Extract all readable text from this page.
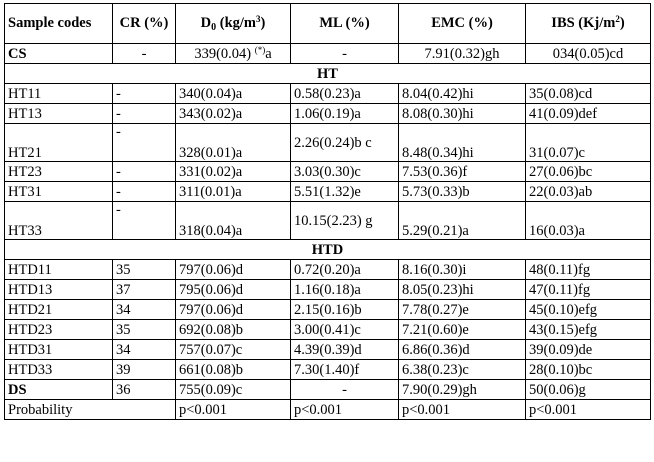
Sample codes	CR (%)	$D_0$ $(kg/m^3)$	ML (%)	EMC (%)	IBS $(Kj/m^2)$
CS	-	339(0.04) (*)a	-	7.91(0.32)gh	034(0.05)cd
HT					
HT11	-	340(0.04)a	0.58(0.23)a	8.04(0.42)hi	35(0.08)cd
HT13	-	343(0.02)a	1.06(0.19)a	8.08(0.30)hi	41(0.09)def
HT21	-	328(0.01)a	2.26(0.24)b c	8.48(0.34)hi	31(0.07)c
HT23	-	331(0.02)a	3.03(0.30)c	7.53(0.36)f	27(0.06)bc
HT31	-	311(0.01)a	5.51(1.32)e	5.73(0.33)b	22(0.03)ab
HT33	-	318(0.04)a	10.15(2.23) g	5.29(0.21)a	16(0.03)a
HTD					
HTD11	35	797(0.06)d	0.72(0.20)a	8.16(0.30)i	48(0.11)fg
HTD13	37	795(0.06)d	1.16(0.18)a	8.05(0.23)hi	47(0.11)fg
HTD21	34	797(0.06)d	2.15(0.16)b	7.78(0.27)e	45(0.10)efg
HTD23	35	692(0.08)b	3.00(0.41)c	7.21(0.60)e	43(0.15)efg
HTD31	34	757(0.07)c	4.39(0.39)d	6.86(0.36)d	39(0.09)de
HTD33	39	661(0.08)b	7.30(1.40)f	6.38(0.23)c	28(0.10)bc
DS	36	755(0.09)c	-	7.90(0.29)gh	50(0.06)g
Probability		p<0.001	p<0.001	p<0.001	p<0.001
